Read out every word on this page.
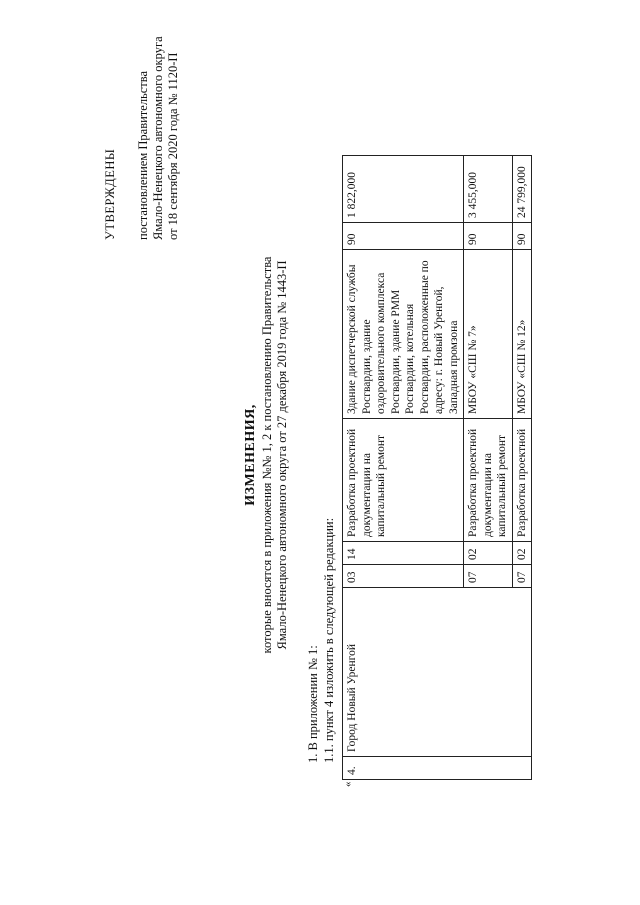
УТВЕРЖДЕНЫ постановлением Правительства Ямало-Ненецкого автономного округа от 18 сентября 2020 года № 1120-П
ИЗМЕНЕНИЯ, которые вносятся в приложения №№ 1, 2 к постановлению Правительства Ямало-Ненецкого автономного округа от 27 декабря 2019 года № 1443-П
1. В приложении № 1: 1.1. пункт 4 изложить в следующей редакции:
«
4.	Город Новый Уренгой	03	14	Разработка проектной документации на капитальный ремонт	Здание диспетчерской службы Росгвардии, здание оздоровительного комплекса Росгвардии, здание РММ Росгвардии, котельная Росгвардии, расположенные по адресу: г. Новый Уренгой, Западная промзона	90	1 822,000
		07	02	Разработка проектной документации на капитальный ремонт	МБОУ «СШ № 7»	90	3 455,000
		07	02	Разработка проектной	МБОУ «СШ № 12»	90	24 799,000
